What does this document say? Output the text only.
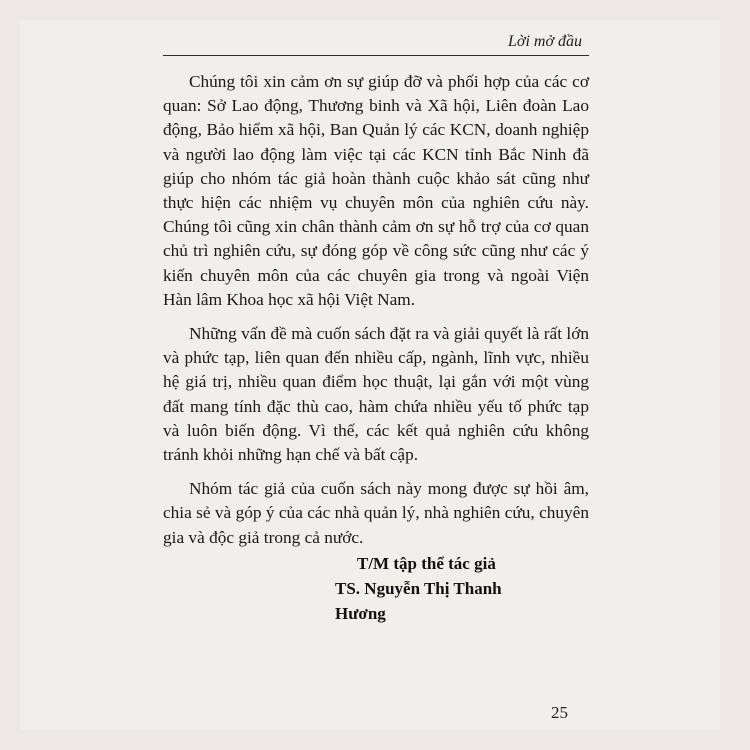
Lời mở đầu

Chúng tôi xin cảm ơn sự giúp đỡ và phối hợp của các cơ quan: Sở Lao động, Thương binh và Xã hội, Liên đoàn Lao động, Bảo hiểm xã hội, Ban Quản lý các KCN, doanh nghiệp và người lao động làm việc tại các KCN tỉnh Bắc Ninh đã giúp cho nhóm tác giả hoàn thành cuộc khảo sát cũng như thực hiện các nhiệm vụ chuyên môn của nghiên cứu này. Chúng tôi cũng xin chân thành cảm ơn sự hỗ trợ của cơ quan chủ trì nghiên cứu, sự đóng góp về công sức cũng như các ý kiến chuyên môn của các chuyên gia trong và ngoài Viện Hàn lâm Khoa học xã hội Việt Nam.

Những vấn đề mà cuốn sách đặt ra và giải quyết là rất lớn và phức tạp, liên quan đến nhiều cấp, ngành, lĩnh vực, nhiều hệ giá trị, nhiều quan điểm học thuật, lại gắn với một vùng đất mang tính đặc thù cao, hàm chứa nhiều yếu tố phức tạp và luôn biến động. Vì thế, các kết quả nghiên cứu không tránh khỏi những hạn chế và bất cập.

Nhóm tác giả của cuốn sách này mong được sự hồi âm, chia sẻ và góp ý của các nhà quản lý, nhà nghiên cứu, chuyên gia và độc giả trong cả nước.

T/M tập thể tác giả
TS. Nguyễn Thị Thanh Hương
25
